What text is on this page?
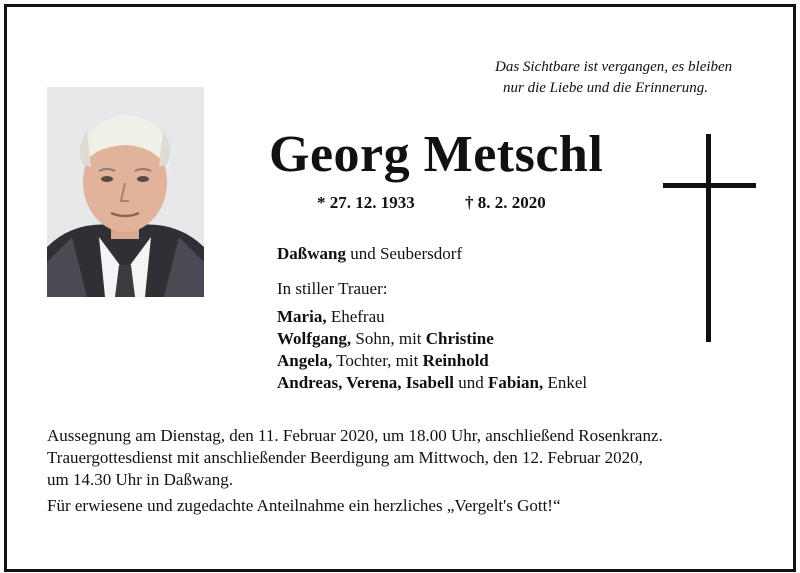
Das Sichtbare ist vergangen, es bleiben
nur die Liebe und die Erinnerung.
Georg Metschl
* 27. 12. 1933	† 8. 2. 2020
Daßwang und Seubersdorf
In stiller Trauer:
Maria, Ehefrau
Wolfgang, Sohn, mit Christine
Angela, Tochter, mit Reinhold
Andreas, Verena, Isabell und Fabian, Enkel

Aussegnung am Dienstag, den 11. Februar 2020, um 18.00 Uhr, anschließend Rosenkranz.

Trauergottesdienst mit anschließender Beerdigung am Mittwoch, den 12. Februar 2020,

um 14.30 Uhr in Daßwang.

Für erwiesene und zugedachte Anteilnahme ein herzliches „Vergelt's Gott!“
